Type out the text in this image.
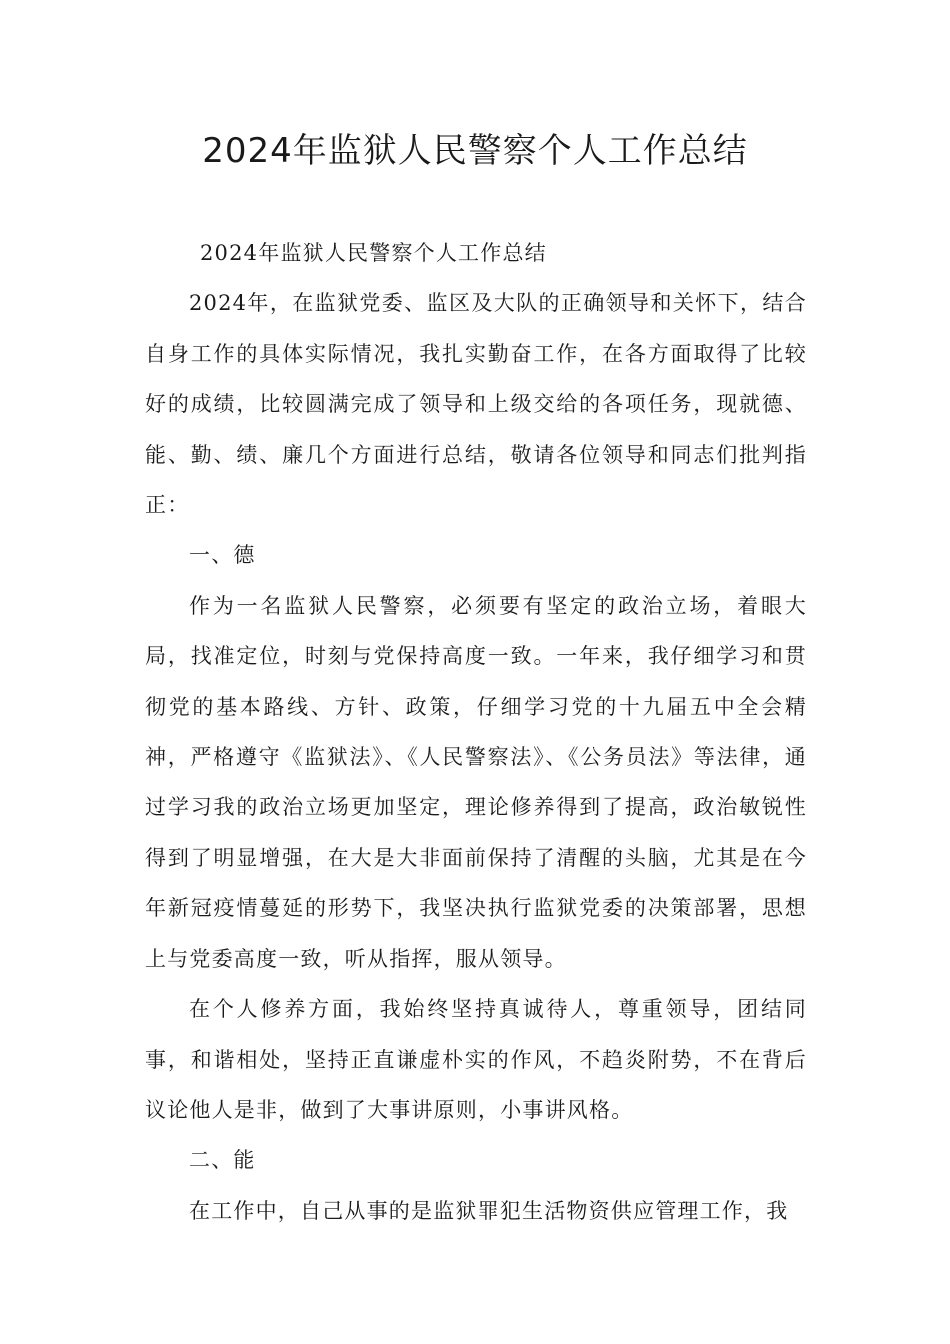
2024年监狱人民警察个人工作总结

2024年监狱人民警察个人工作总结

2024年，在监狱党委、监区及大队的正确领导和关怀下，结合自身工作的具体实际情况，我扎实勤奋工作，在各方面取得了比较好的成绩，比较圆满完成了领导和上级交给的各项任务，现就德、能、勤、绩、廉几个方面进行总结，敬请各位领导和同志们批判指正：

一、德

作为一名监狱人民警察，必须要有坚定的政治立场，着眼大局，找准定位，时刻与党保持高度一致。一年来，我仔细学习和贯彻党的基本路线、方针、政策，仔细学习党的十九届五中全会精神，严格遵守《监狱法》、《人民警察法》、《公务员法》等法律，通过学习我的政治立场更加坚定，理论修养得到了提高，政治敏锐性得到了明显增强，在大是大非面前保持了清醒的头脑，尤其是在今年新冠疫情蔓延的形势下，我坚决执行监狱党委的决策部署，思想上与党委高度一致，听从指挥，服从领导。

在个人修养方面，我始终坚持真诚待人，尊重领导，团结同事，和谐相处，坚持正直谦虚朴实的作风，不趋炎附势，不在背后议论他人是非，做到了大事讲原则，小事讲风格。

二、能

在工作中，自己从事的是监狱罪犯生活物资供应管理工作，我
